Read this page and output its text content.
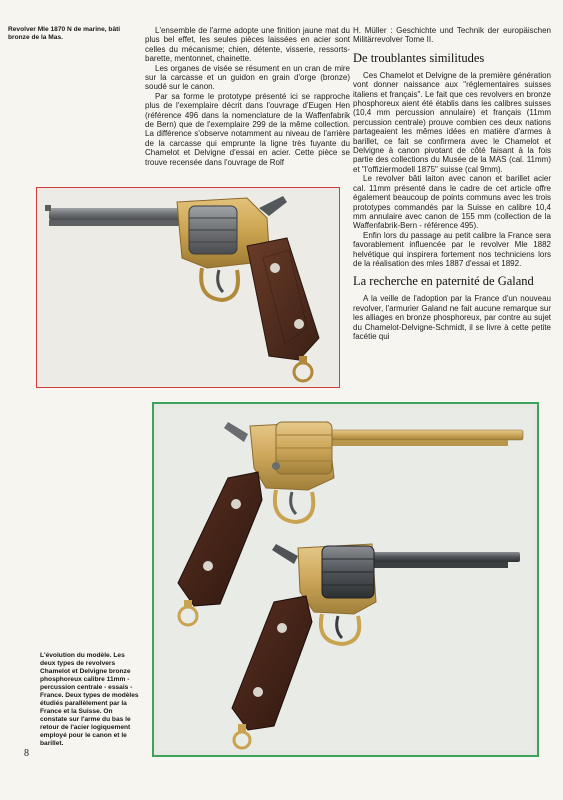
Revolver Mle 1870 N de marine, bâti bronze de la Mas.

L'ensemble de l'arme adopte une finition jaune mat du plus bel effet, les seules pièces laissées en acier sont celles du mécanisme; chien, détente, visserie, ressorts-barette, mentonnet, chainette.

Les organes de visée se résument en un cran de mire sur la carcasse et un guidon en grain d'orge (bronze) soudé sur le canon.

Par sa forme le prototype présenté ici se rapproche plus de l'exemplaire décrit dans l'ouvrage d'Eugen Hen (référence 496 dans la nomenclature de la Waffenfabrik de Bern) que de l'exemplaire 299 de la même collection. La différence s'observe notamment au niveau de l'arrière de la carcasse qui emprunte la ligne très fuyante du Chamelot et Delvigne d'essai en acier. Cette pièce se trouve recensée dans l'ouvrage de Rolf

H. Müller : Geschichte und Technik der europäischen Militärrevolver Tome II.

De troublantes similitudes

Ces Chamelot et Delvigne de la première génération vont donner naissance aux "réglementaires suisses italiens et français". Le fait que ces revolvers en bronze phosphoreux aient été établis dans les calibres suisses (10,4 mm percussion annulaire) et français (11mm percussion centrale) prouve combien ces deux nations partageaient les mêmes idées en matière d'armes à barillet, ce fait se confirmera avec le Chamelot et Delvigne à canon pivotant de côté faisant à la fois partie des collections du Musée de la MAS (cal. 11mm) et "l'offiziermodell 1875" suisse (cal 9mm).

Le revolver bâti laiton avec canon et barillet acier cal. 11mm présenté dans le cadre de cet article offre également beaucoup de points communs avec les trois prototypes commandés par la Suisse en calibre 10,4 mm annulaire avec canon de 155 mm (collection de la Waffenfabrik-Bern - référence 495).

Enfin lors du passage au petit calibre la France sera favorablement influencée par le revolver Mle 1882 helvétique qui inspirera fortement nos techniciens lors de la réalisation des mles 1887 d'essai et 1892.

La recherche en paternité de Galand

A la veille de l'adoption par la France d'un nouveau revolver, l'armurier Galand ne fait aucune remarque sur les alliages en bronze phosphoreux, par contre au sujet du Chamelot-Delvigne-Schmidt, il se livre à cette petite facétie qui

L'évolution du modèle. Les deux types de revolvers Chamelot et Delvigne bronze phosphoreux calibre 11mm - percussion centrale - essais - France. Deux types de modèles étudiés parallèlement par la France et la Suisse. On constate sur l'arme du bas le retour de l'acier logiquement employé pour le canon et le barillet.
8
